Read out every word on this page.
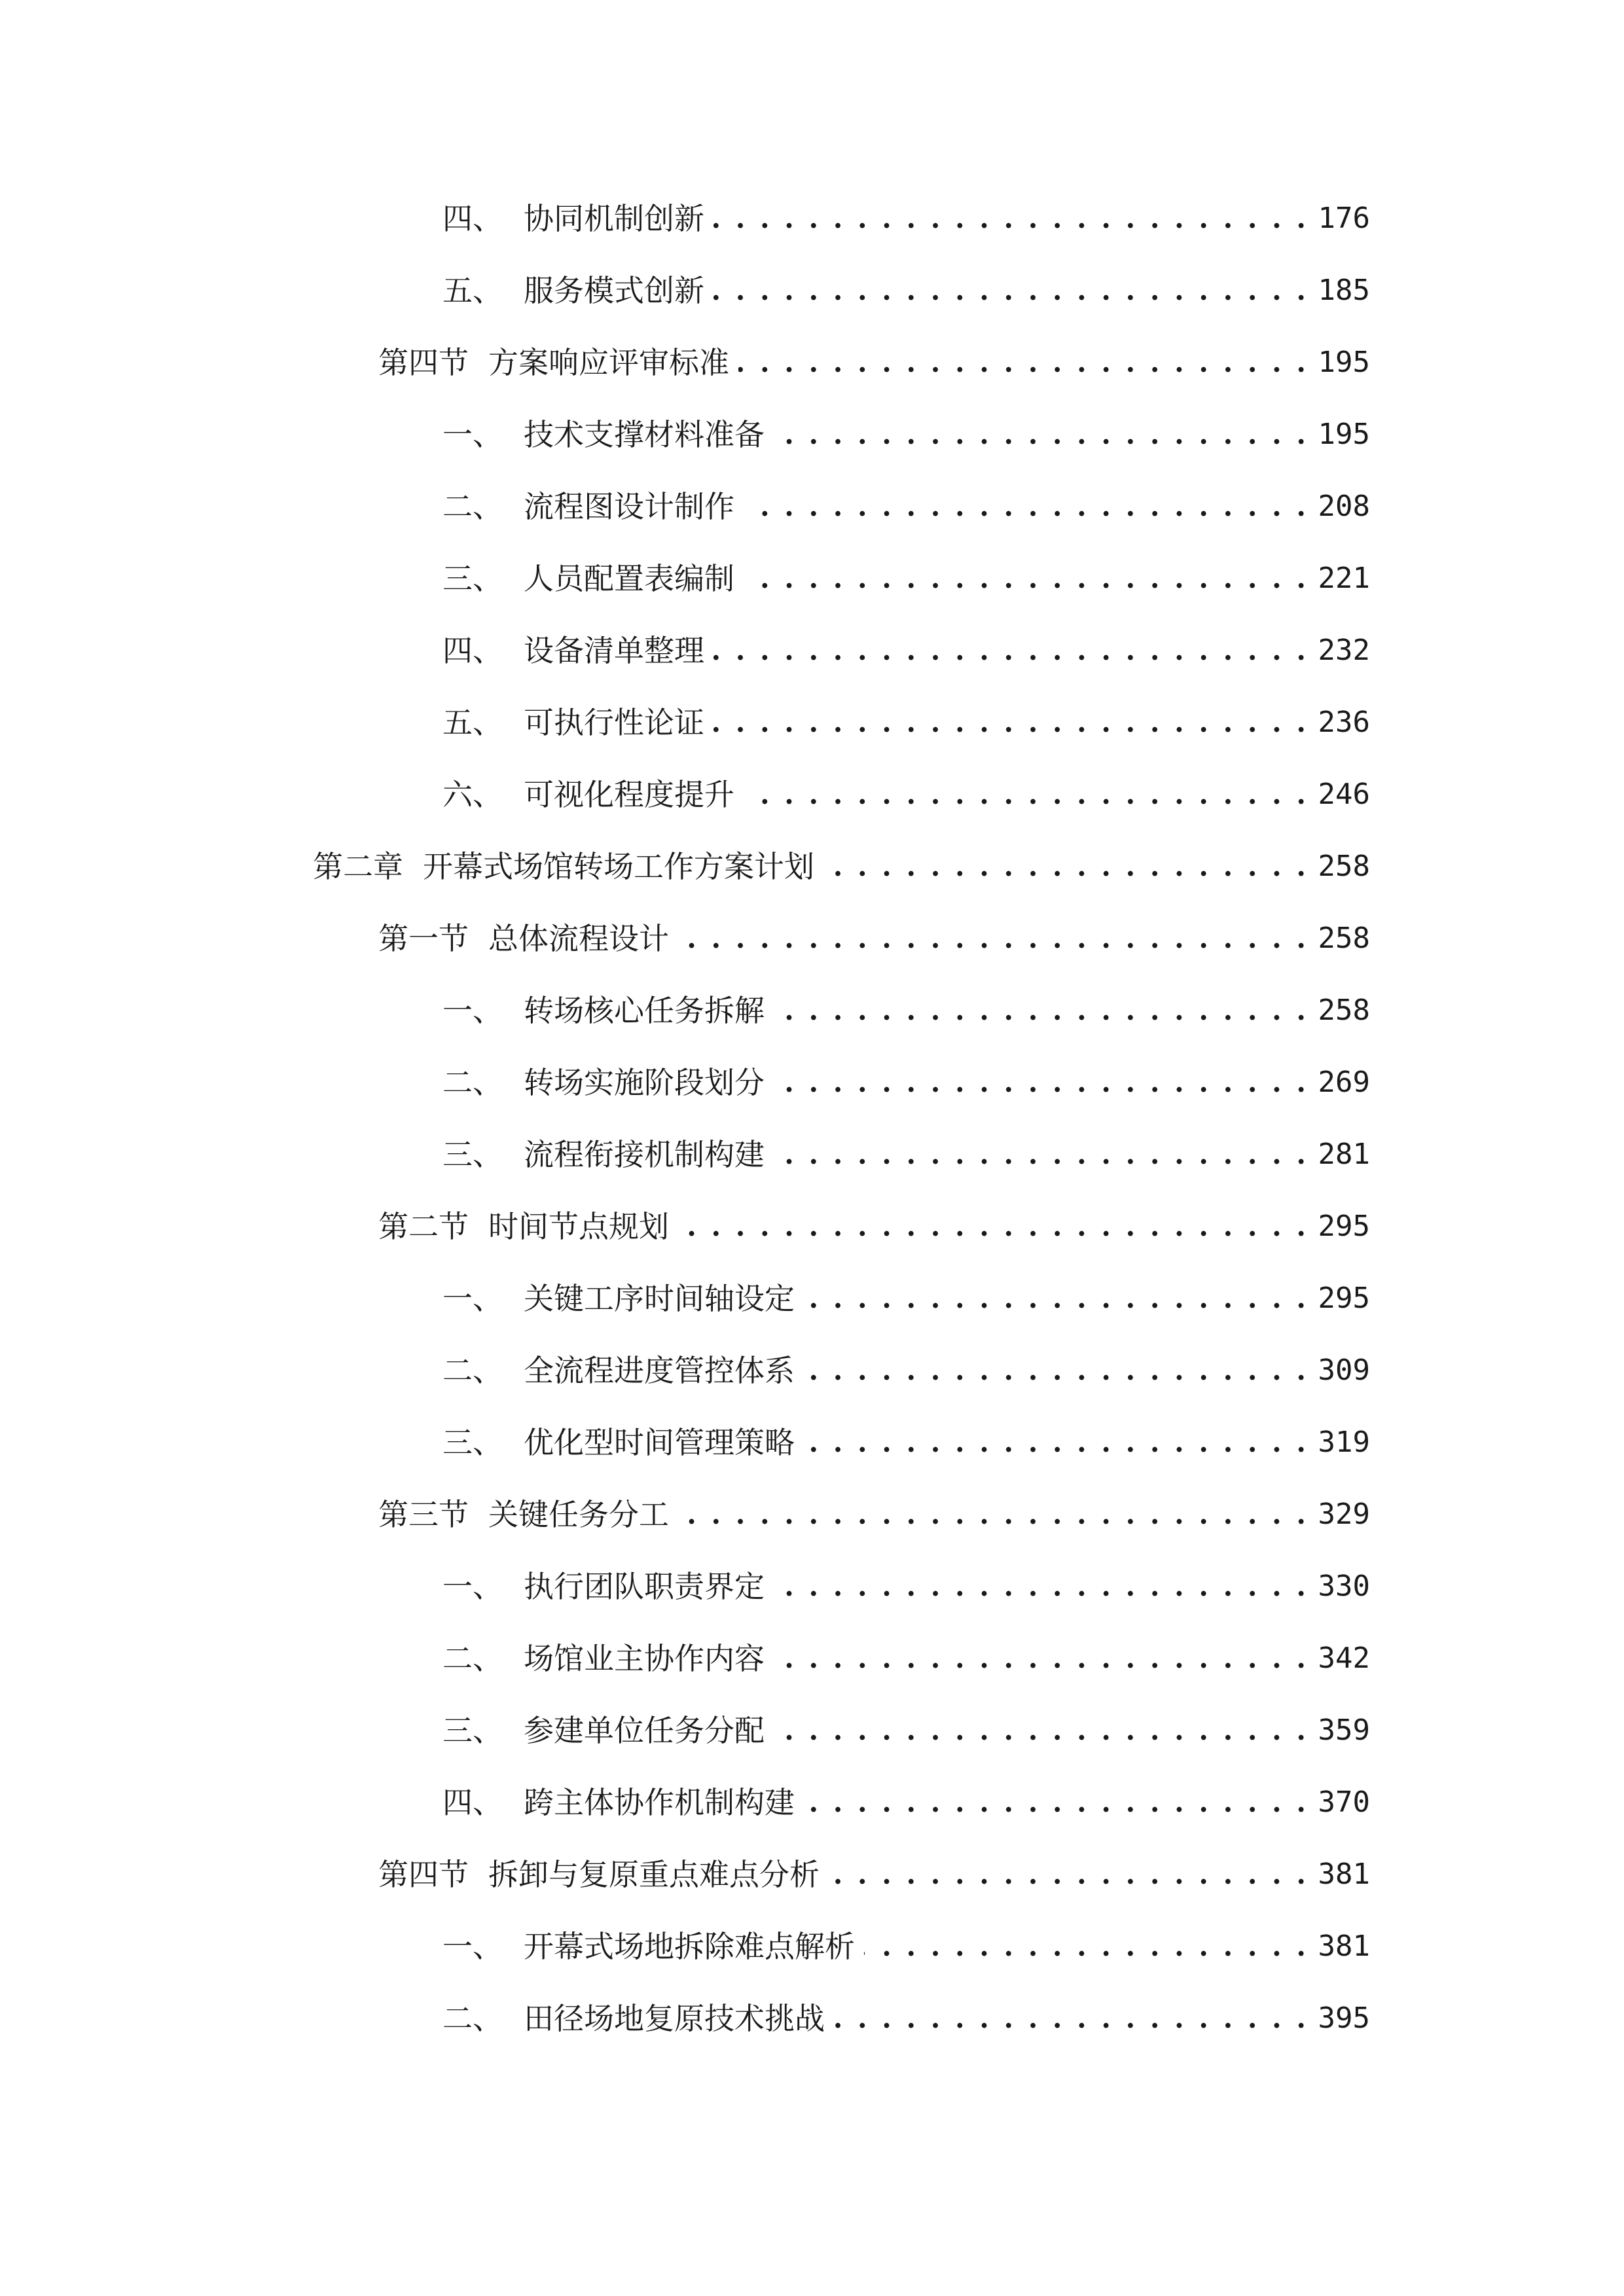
四、 协同机制创新 . . .	176
五、 服务模式创新 . . .	185
第四节 方案响应评审标准 . . .	195
一、 技术支撑材料准备 . . .	195
二、 流程图设计制作 . . .	208
三、 人员配置表编制 . . .	221
四、 设备清单整理 . . .	232
五、 可执行性论证 . . .	236
六、 可视化程度提升 . . .	246
第二章 开幕式场馆转场工作方案计划 . . .	258
第一节 总体流程设计 . . .	258
一、 转场核心任务拆解 . . .	258
二、 转场实施阶段划分 . . .	269
三、 流程衔接机制构建 . . .	281
第二节 时间节点规划 . . .	295
一、 关键工序时间轴设定 . . .	295
二、 全流程进度管控体系 . . .	309
三、 优化型时间管理策略 . . .	319
第三节 关键任务分工 . . .	329
一、 执行团队职责界定 . . .	330
二、 场馆业主协作内容 . . .	342
三、 参建单位任务分配 . . .	359
四、 跨主体协作机制构建 . . .	370
第四节 拆卸与复原重点难点分析 . . .	381
一、 开幕式场地拆除难点解析 . . .	381
二、 田径场地复原技术挑战 . . .	395
